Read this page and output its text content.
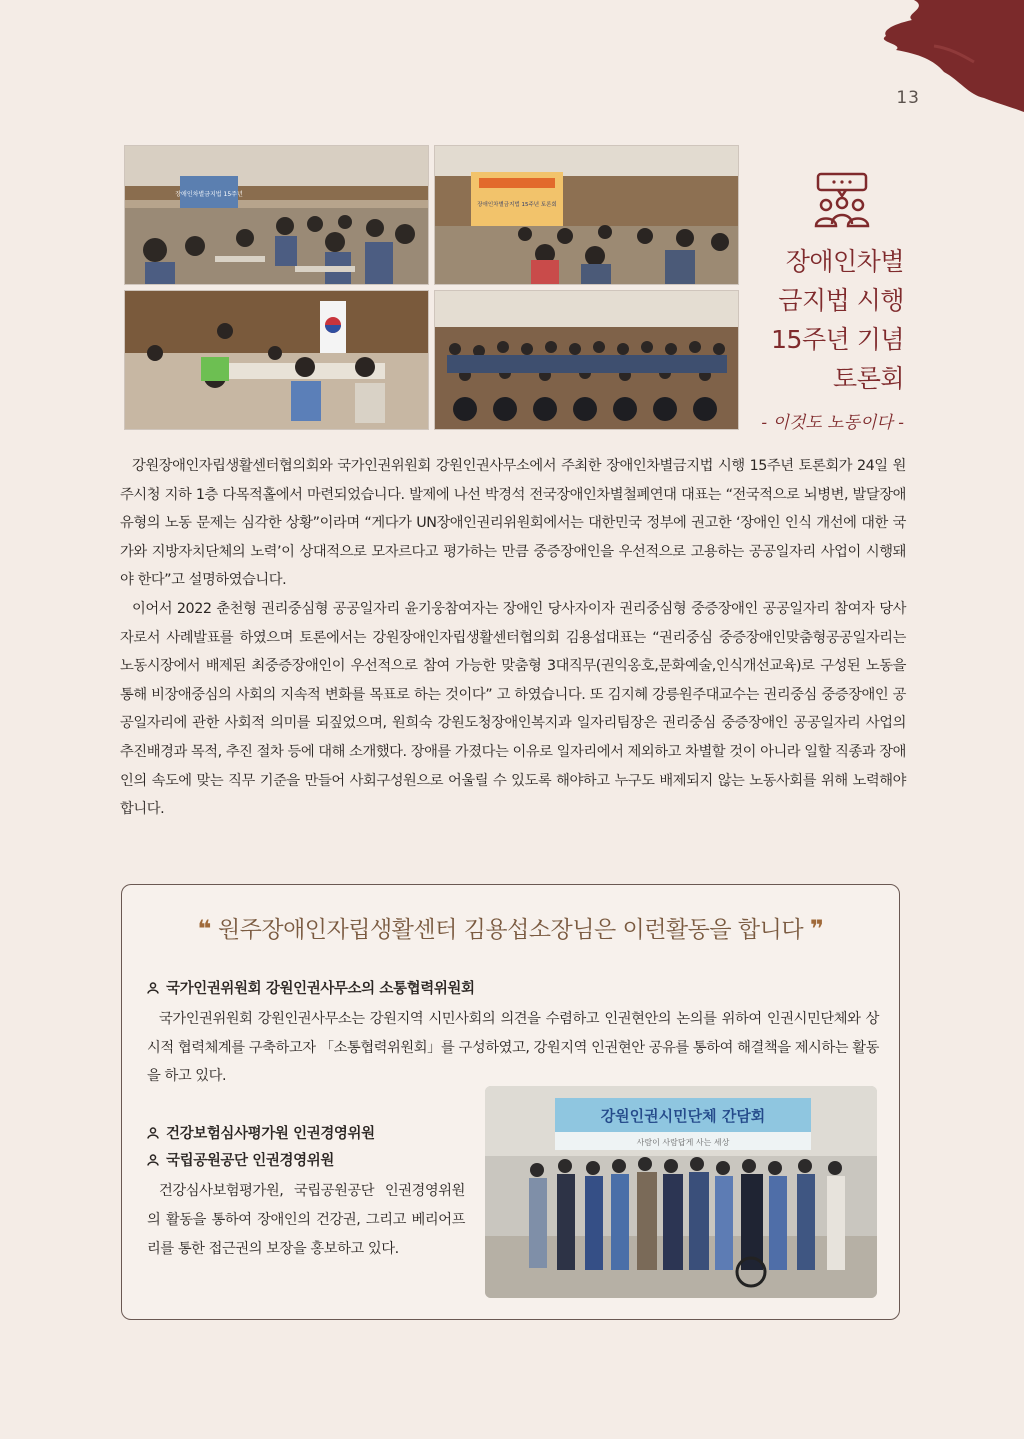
13
장애인차별금지법 15주년
장애인차별금지법 15주년 토론회
장애인차별
금지법 시행
15주년 기념
토론회
- 이것도 노동이다 -

강원장애인자립생활센터협의회와 국가인권위원회 강원인권사무소에서 주최한 장애인차별금지법 시행 15주년 토론회가 24일 원주시청 지하 1층 다목적홀에서 마련되었습니다. 발제에 나선 박경석 전국장애인차별철폐연대 대표는 “전국적으로 뇌병변, 발달장애유형의 노동 문제는 심각한 상황”이라며 “게다가 UN장애인권리위원회에서는 대한민국 정부에 권고한 ‘장애인 인식 개선에 대한 국가와 지방자치단체의 노력’이 상대적으로 모자르다고 평가하는 만큼 중증장애인을 우선적으로 고용하는 공공일자리 사업이 시행돼야 한다”고 설명하였습니다.

이어서 2022 춘천형 권리중심형 공공일자리 윤기웅참여자는 장애인 당사자이자 권리중심형 중증장애인 공공일자리 참여자 당사자로서 사례발표를 하였으며 토론에서는 강원장애인자립생활센터협의회 김용섭대표는 “권리중심 중증장애인맞춤형공공일자리는 노동시장에서 배제된 최중증장애인이 우선적으로 참여 가능한 맞춤형 3대직무(권익옹호,문화예술,인식개선교육)로 구성된 노동을 통해 비장애중심의 사회의 지속적 변화를 목표로 하는 것이다” 고 하였습니다. 또 김지혜 강릉원주대교수는 권리중심 중증장애인 공공일자리에 관한 사회적 의미를 되짚었으며, 원희숙 강원도청장애인복지과 일자리팀장은 권리중심 중증장애인 공공일자리 사업의 추진배경과 목적, 추진 절차 등에 대해 소개했다. 장애를 가졌다는 이유로 일자리에서 제외하고 차별할 것이 아니라 일할 직종과 장애인의 속도에 맞는 직무 기준을 만들어 사회구성원으로 어울릴 수 있도록 해야하고 누구도 배제되지 않는 노동사회를 위해 노력해야 합니다.

❝ 원주장애인자립생활센터 김용섭소장님은 이런활동을 합니다 ❞
국가인권위원회 강원인권사무소의 소통협력위원회
국가인권위원회 강원인권사무소는 강원지역 시민사회의 의견을 수렴하고 인권현안의 논의를 위하여 인권시민단체와 상시적 협력체계를 구축하고자 「소통협력위원회」를 구성하였고, 강원지역 인권현안 공유를 통하여 해결책을 제시하는 활동을 하고 있다.
건강보험심사평가원 인권경영위원
국립공원공단 인권경영위원
건강심사보험평가원, 국립공원공단 인권경영위원의 활동을 통하여 장애인의 건강권, 그리고 베리어프리를 통한 접근권의 보장을 홍보하고 있다.
강원인권시민단체 간담회
사람이 사람답게 사는 세상
